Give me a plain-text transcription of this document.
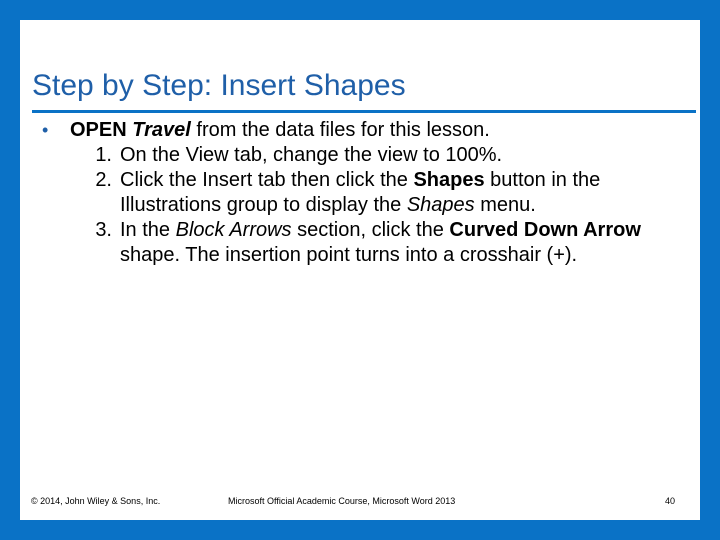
Step by Step: Insert Shapes
• OPEN Travel from the data files for this lesson.
1. On the View tab, change the view to 100%.
2. Click the Insert tab then click the Shapes button in the Illustrations group to display the Shapes menu.
3. In the Block Arrows section, click the Curved Down Arrow shape. The insertion point turns into a crosshair (+).
© 2014, John Wiley & Sons, Inc.	Microsoft Official Academic Course, Microsoft Word 2013	40
